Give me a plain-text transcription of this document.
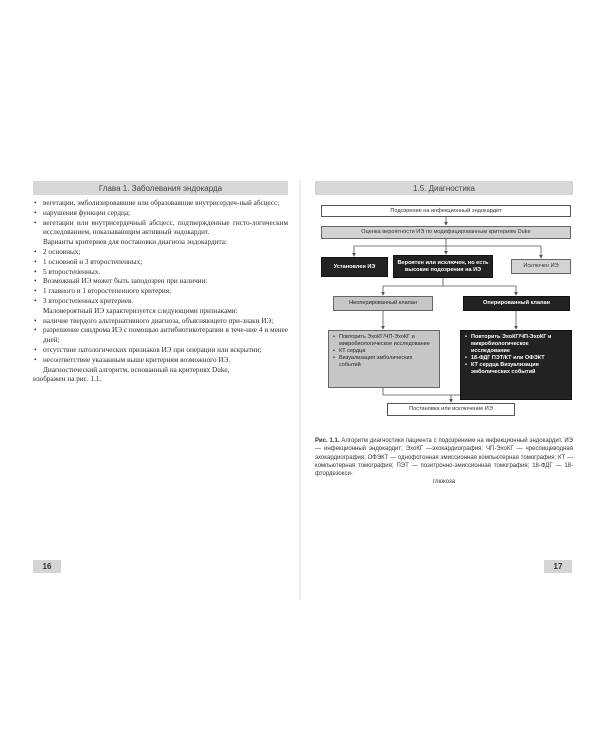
Глава 1. Заболевания эндокарда
• вегетации, эмболизировавшие или образовавшие внутрисердеч-ный абсцесс;
• нарушения функции сердца;
• вегетации или внутрисердечный абсцесс, подтвержденные гисто-логическим исследованием, показывающим активный эндокардит.
Варианты критериев для постановки диагноза эндокардита:
• 2 основных;
• 1 основной и 3 второстепенных;
• 5 второстепенных.
• Возможный ИЭ может быть заподозрен при наличии:
• 1 главного и 1 второстепенного критерия;
• 3 второстепенных критериев.
Маловероятный ИЭ характеризуется следующими признаками:
• наличие твердого альтернативного диагноза, объясняющего при-знаки ИЭ;
• разрешение синдрома ИЭ с помощью антибиотикотерапии в тече-ние 4 и менее дней;
• отсутствие патологических признаков ИЭ при операции или вскрытии;
• несоответствие указанным выше критериям возможного ИЭ.
Диагностический алгоритм, основанный на критериях Duke,
изображен на рис. 1.1.
16
1.5. Диагностика
Подозрение на инфекционный эндокардит
Оценка вероятности ИЭ по модифицированным критериям Duke
Установлен ИЭ
Вероятен или исключен, но есть высокие подозрения на ИЭ
Исключен ИЭ
Неоперированный клапан	Оперированный клапан
• Повторить ЭхоКГ/ЧП-ЭхоКГ и микробиологическое исследование
• КТ сердца
• Визуализация эмболических событий
• Повторить ЭхоКГ/ЧП-ЭхоКГ и микробиологическое исследование
• 18-ФДГ ПЭТ/КТ или ОФЭКТ
• КТ сердца Визуализация эмболических событий
Постановка или исключение ИЭ
Рис. 1.1. Алгоритм диагностики пациента с подозрением на инфекционный эндокардит. ИЭ — инфекционный эндокардит; ЭхоКГ —эхокардиография; ЧП-ЭхоКГ — чреспищеводная эхокардиография; ОФЭКТ — однофотонная эмиссионная компьютерная томография; КТ — компьютерная томография; ПЭТ — позитронно-эмиссионная томография; 18-ФДГ — 18-фтордезокси-
глюкоза
17
